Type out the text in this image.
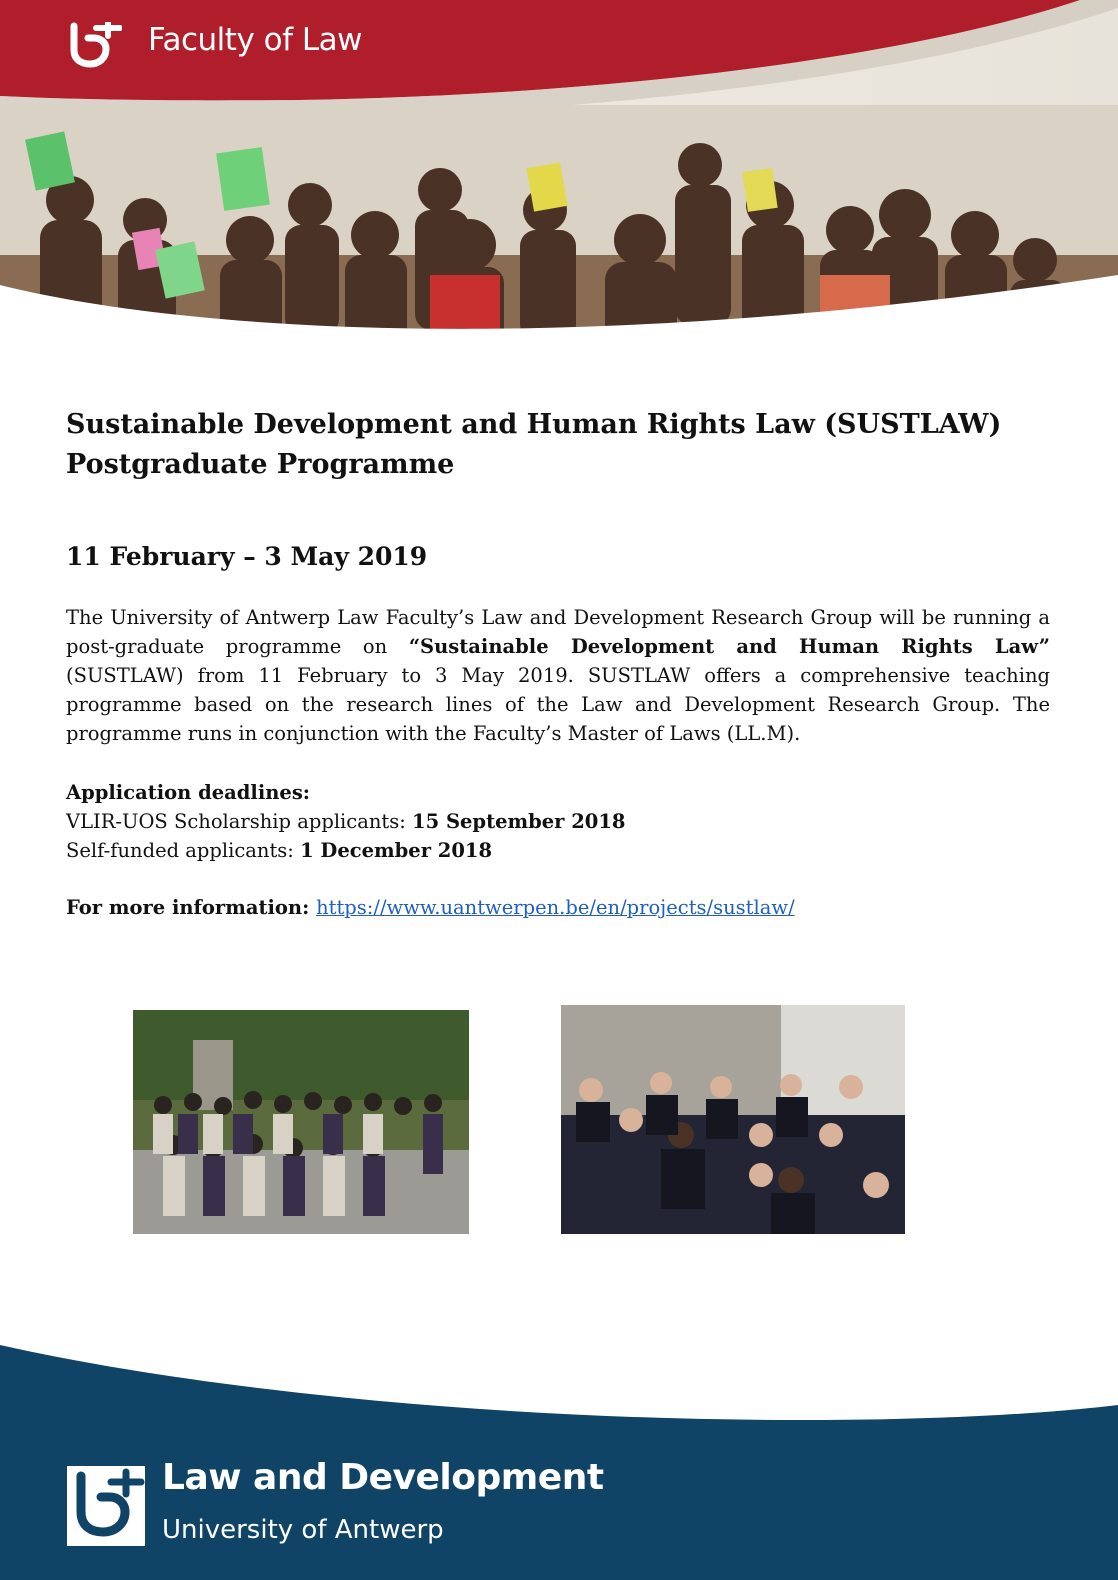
Faculty of Law
Sustainable Development and Human Rights Law (SUSTLAW)
Postgraduate Programme

11 February – 3 May 2019

The University of Antwerp Law Faculty’s Law and Development Research Group will be running a post-graduate programme on “Sustainable Development and Human Rights Law” (SUSTLAW) from 11 February to 3 May 2019. SUSTLAW offers a comprehensive teaching programme based on the research lines of the Law and Development Research Group. The programme runs in conjunction with the Faculty’s Master of Laws (LL.M).

Application deadlines:
VLIR-UOS Scholarship applicants: 15 September 2018
Self-funded applicants: 1 December 2018
For more information: https://www.uantwerpen.be/en/projects/sustlaw/
Law and Development
University of Antwerp
